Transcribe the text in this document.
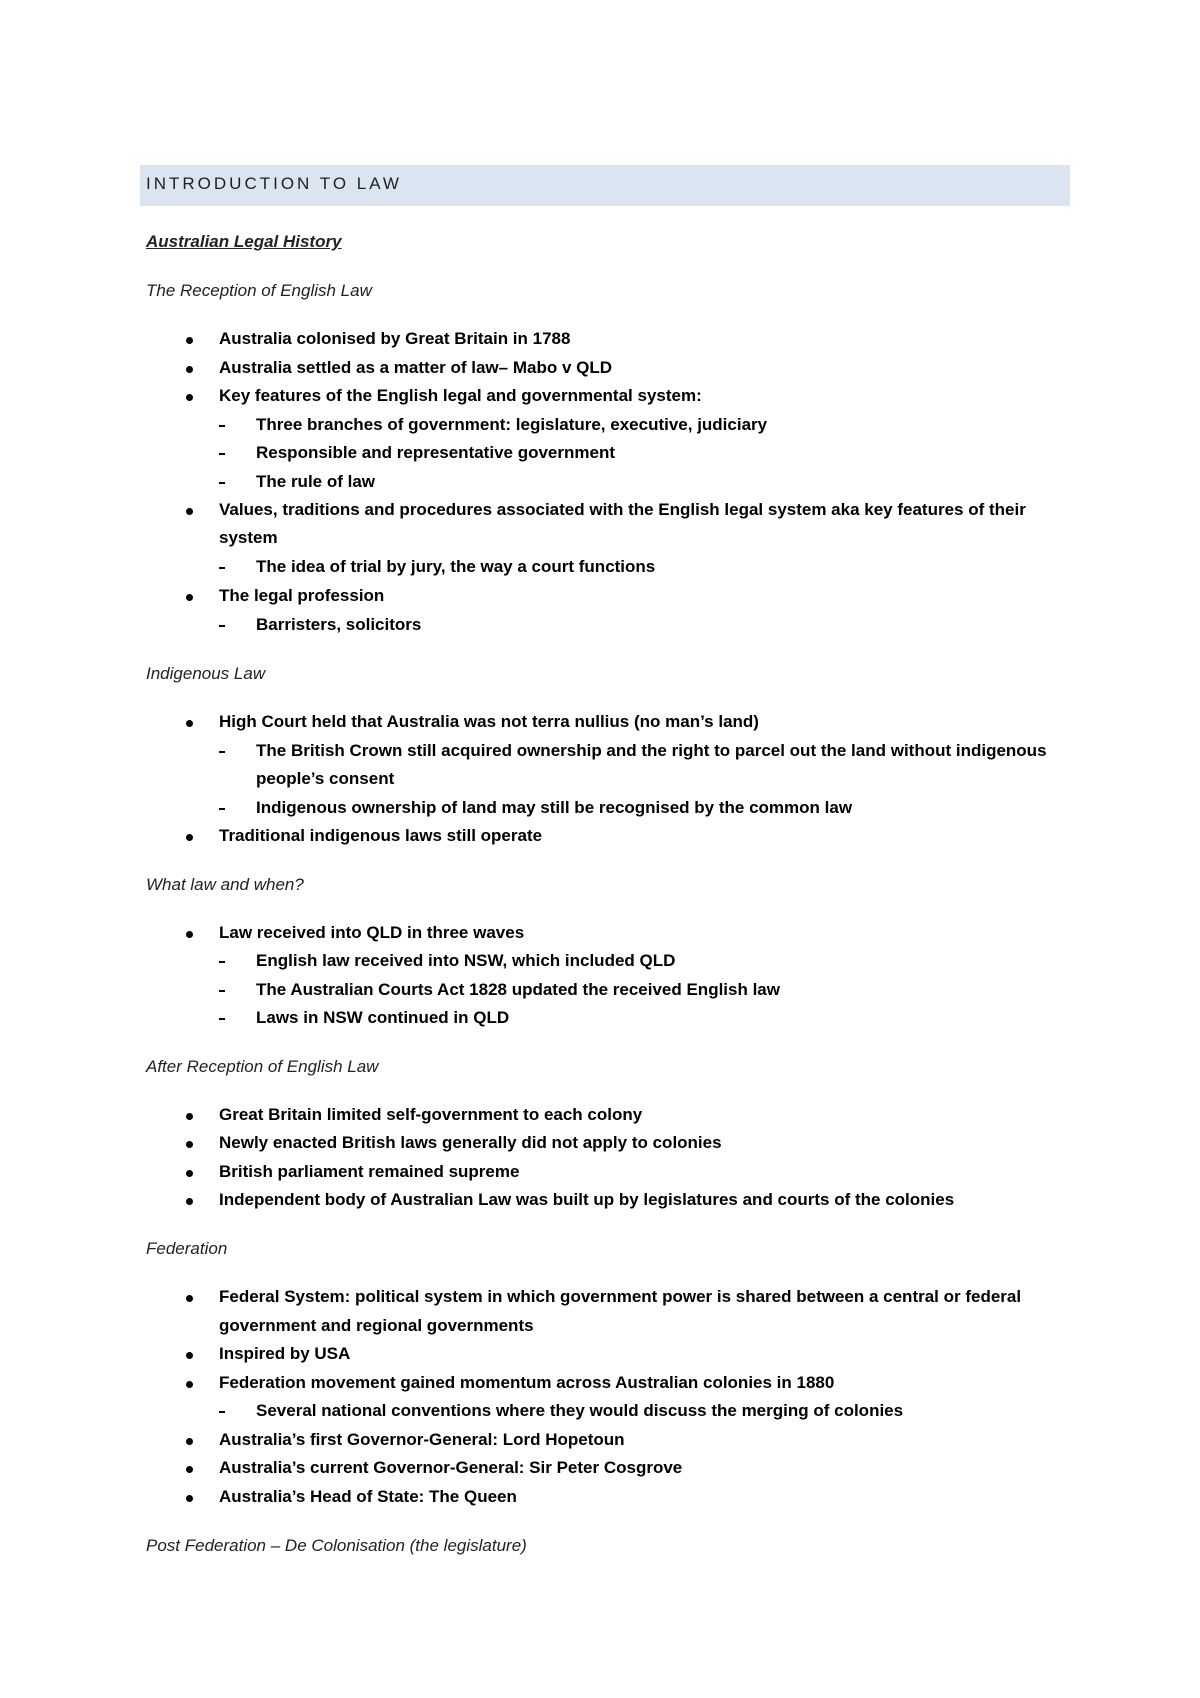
INTRODUCTION TO LAW
Australian Legal History
The Reception of English Law
Australia colonised by Great Britain in 1788
Australia settled as a matter of law– Mabo v QLD
Key features of the English legal and governmental system:
Three branches of government: legislature, executive, judiciary
Responsible and representative government
The rule of law
Values, traditions and procedures associated with the English legal system aka key features of their
system
The idea of trial by jury, the way a court functions
The legal profession
Barristers, solicitors
Indigenous Law
High Court held that Australia was not terra nullius (no man’s land)
The British Crown still acquired ownership and the right to parcel out the land without indigenous
people’s consent
Indigenous ownership of land may still be recognised by the common law
Traditional indigenous laws still operate
What law and when?
Law received into QLD in three waves
English law received into NSW, which included QLD
The Australian Courts Act 1828 updated the received English law
Laws in NSW continued in QLD
After Reception of English Law
Great Britain limited self-government to each colony
Newly enacted British laws generally did not apply to colonies
British parliament remained supreme
Independent body of Australian Law was built up by legislatures and courts of the colonies
Federation
Federal System: political system in which government power is shared between a central or federal
government and regional governments
Inspired by USA
Federation movement gained momentum across Australian colonies in 1880
Several national conventions where they would discuss the merging of colonies
Australia’s first Governor-General: Lord Hopetoun
Australia’s current Governor-General: Sir Peter Cosgrove
Australia’s Head of State: The Queen
Post Federation – De Colonisation (the legislature)
